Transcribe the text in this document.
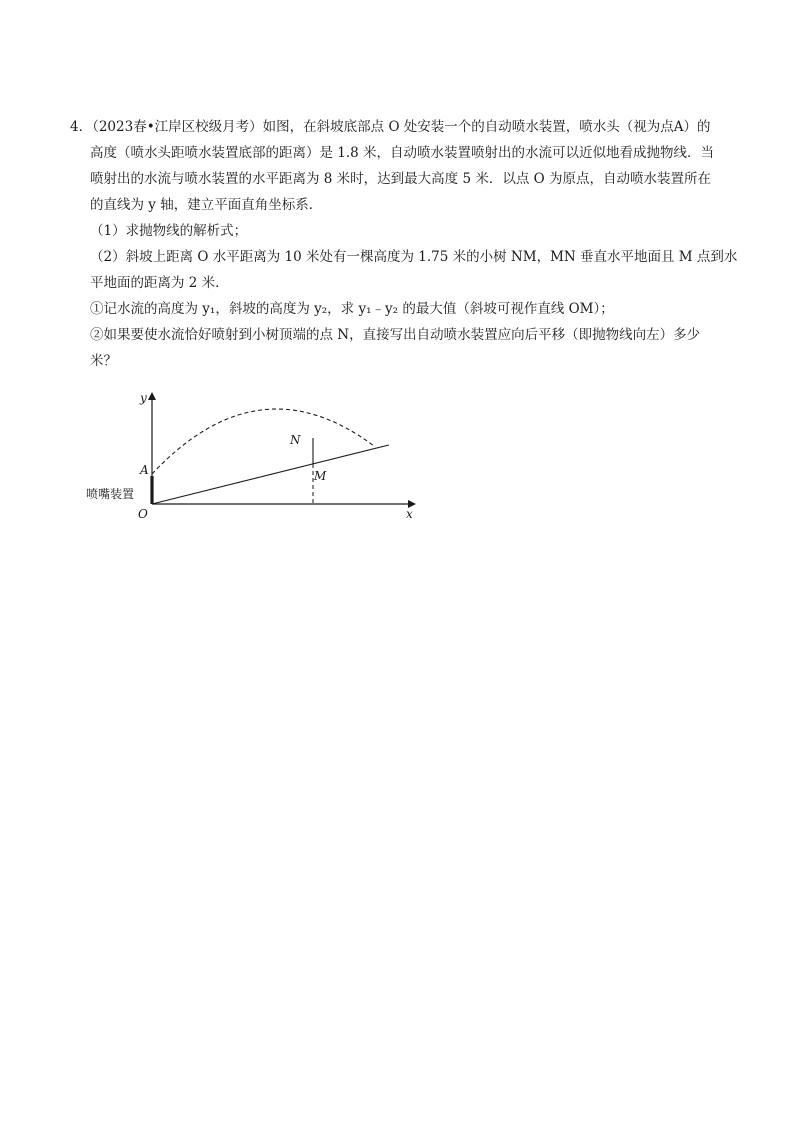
4．（2023春•江岸区校级月考）如图，在斜坡底部点 O 处安装一个的自动喷水装置，喷水头（视为点A）的
高度（喷水头距喷水装置底部的距离）是 1.8 米，自动喷水装置喷射出的水流可以近似地看成抛物线．当
喷射出的水流与喷水装置的水平距离为 8 米时，达到最大高度 5 米．以点 O 为原点，自动喷水装置所在
的直线为 y 轴，建立平面直角坐标系．
（1）求抛物线的解析式；
（2）斜坡上距离 O 水平距离为 10 米处有一棵高度为 1.75 米的小树 NM，MN 垂直水平地面且 M 点到水
平地面的距离为 2 米．
①记水流的高度为 y₁，斜坡的高度为 y₂，求 y₁﹣y₂ 的最大值（斜坡可视作直线 OM）；
②如果要使水流恰好喷射到小树顶端的点 N，直接写出自动喷水装置应向后平移（即抛物线向左）多少
米？
y
x
A
O
N
M
喷嘴装置
